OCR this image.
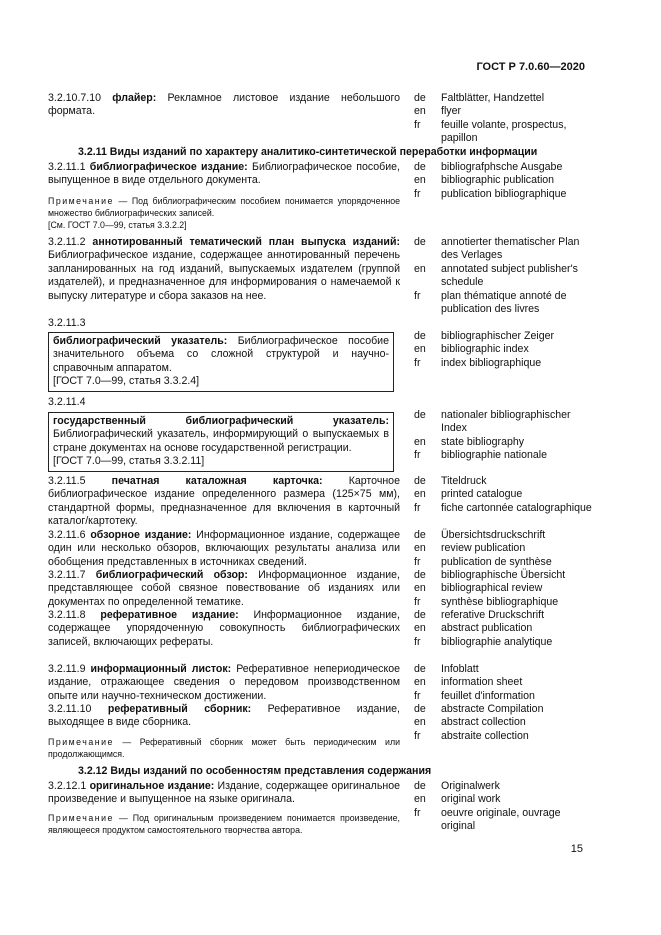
ГОСТ Р 7.0.60—2020
3.2.10.7.10 флайер: Рекламное листовое издание небольшого формата.
de	Faltblätter, Handzettel
en	flyer
fr	feuille volante, prospectus, papillon
3.2.11 Виды изданий по характеру аналитико-синтетической переработки информации
3.2.11.1 библиографическое издание: Библиографическое пособие, выпущенное в виде отдельного документа.
de	bibliografphsche Ausgabe
en	bibliographic publication
fr	publication bibliographique
Примечание — Под библиографическим пособием понимается упорядоченное множество библиографических записей.
[См. ГОСТ 7.0—99, статья 3.3.2.2]
3.2.11.2 аннотированный тематический план выпуска изданий: Библиографическое издание, содержащее аннотированный перечень запланированных на год изданий, выпускаемых издателем (группой издателей), и предназначенное для информирования о намечаемой к выпуску литературе и сбора заказов на нее.
de	annotierter thematischer Plan des Verlages
en	annotated subject publisher's schedule
fr	plan thématique annoté de publication des livres
3.2.11.3
библиографический указатель: Библиографическое пособие значительного объема со сложной структурой и научно-справочным аппаратом.
[ГОСТ 7.0—99, статья 3.3.2.4]
de	bibliographischer Zeiger
en	bibliographic index
fr	index bibliographique
3.2.11.4
государственный библиографический указатель: Библиографический указатель, информирующий о выпускаемых в стране документах на основе государственной регистрации.
[ГОСТ 7.0—99, статья 3.3.2.11]
de	nationaler bibliographischer Index
en	state bibliography
fr	bibliographie nationale
3.2.11.5 печатная каталожная карточка: Карточное библиографическое издание определенного размера (125×75 мм), стандартной формы, предназначенное для включения в карточный каталог/картотеку.
de	Titeldruck
en	printed catalogue
fr	fiche cartonnée catalographique
3.2.11.6 обзорное издание: Информационное издание, содержащее один или несколько обзоров, включающих результаты анализа или обобщения представленных в источниках сведений.
de	Übersichtsdruckschrift
en	review publication
fr	publication de synthèse
3.2.11.7 библиографический обзор: Информационное издание, представляющее собой связное повествование об изданиях или документах по определенной тематике.
de	bibliographische Übersicht
en	bibliographical review
fr	synthèse bibliographique
3.2.11.8 реферативное издание: Информационное издание, содержащее упорядоченную совокупность библиографических записей, включающих рефераты.
de	referative Druckschrift
en	abstract publication
fr	bibliographie analytique
3.2.11.9 информационный листок: Реферативное непериодическое издание, отражающее сведения о передовом производственном опыте или научно-техническом достижении.
de	Infoblatt
en	information sheet
fr	feuillet d'information
3.2.11.10 реферативный сборник: Реферативное издание, выходящее в виде сборника.
de	abstracte Compilation
en	abstract collection
fr	abstraite collection
Примечание — Реферативный сборник может быть периодическим или продолжающимся.
3.2.12 Виды изданий по особенностям представления содержания
3.2.12.1 оригинальное издание: Издание, содержащее оригинальное произведение и выпущенное на языке оригинала.
de	Originalwerk
en	original work
fr	oeuvre originale, ouvrage original
Примечание — Под оригинальным произведением понимается произведение, являющееся продуктом самостоятельного творчества автора.
15
